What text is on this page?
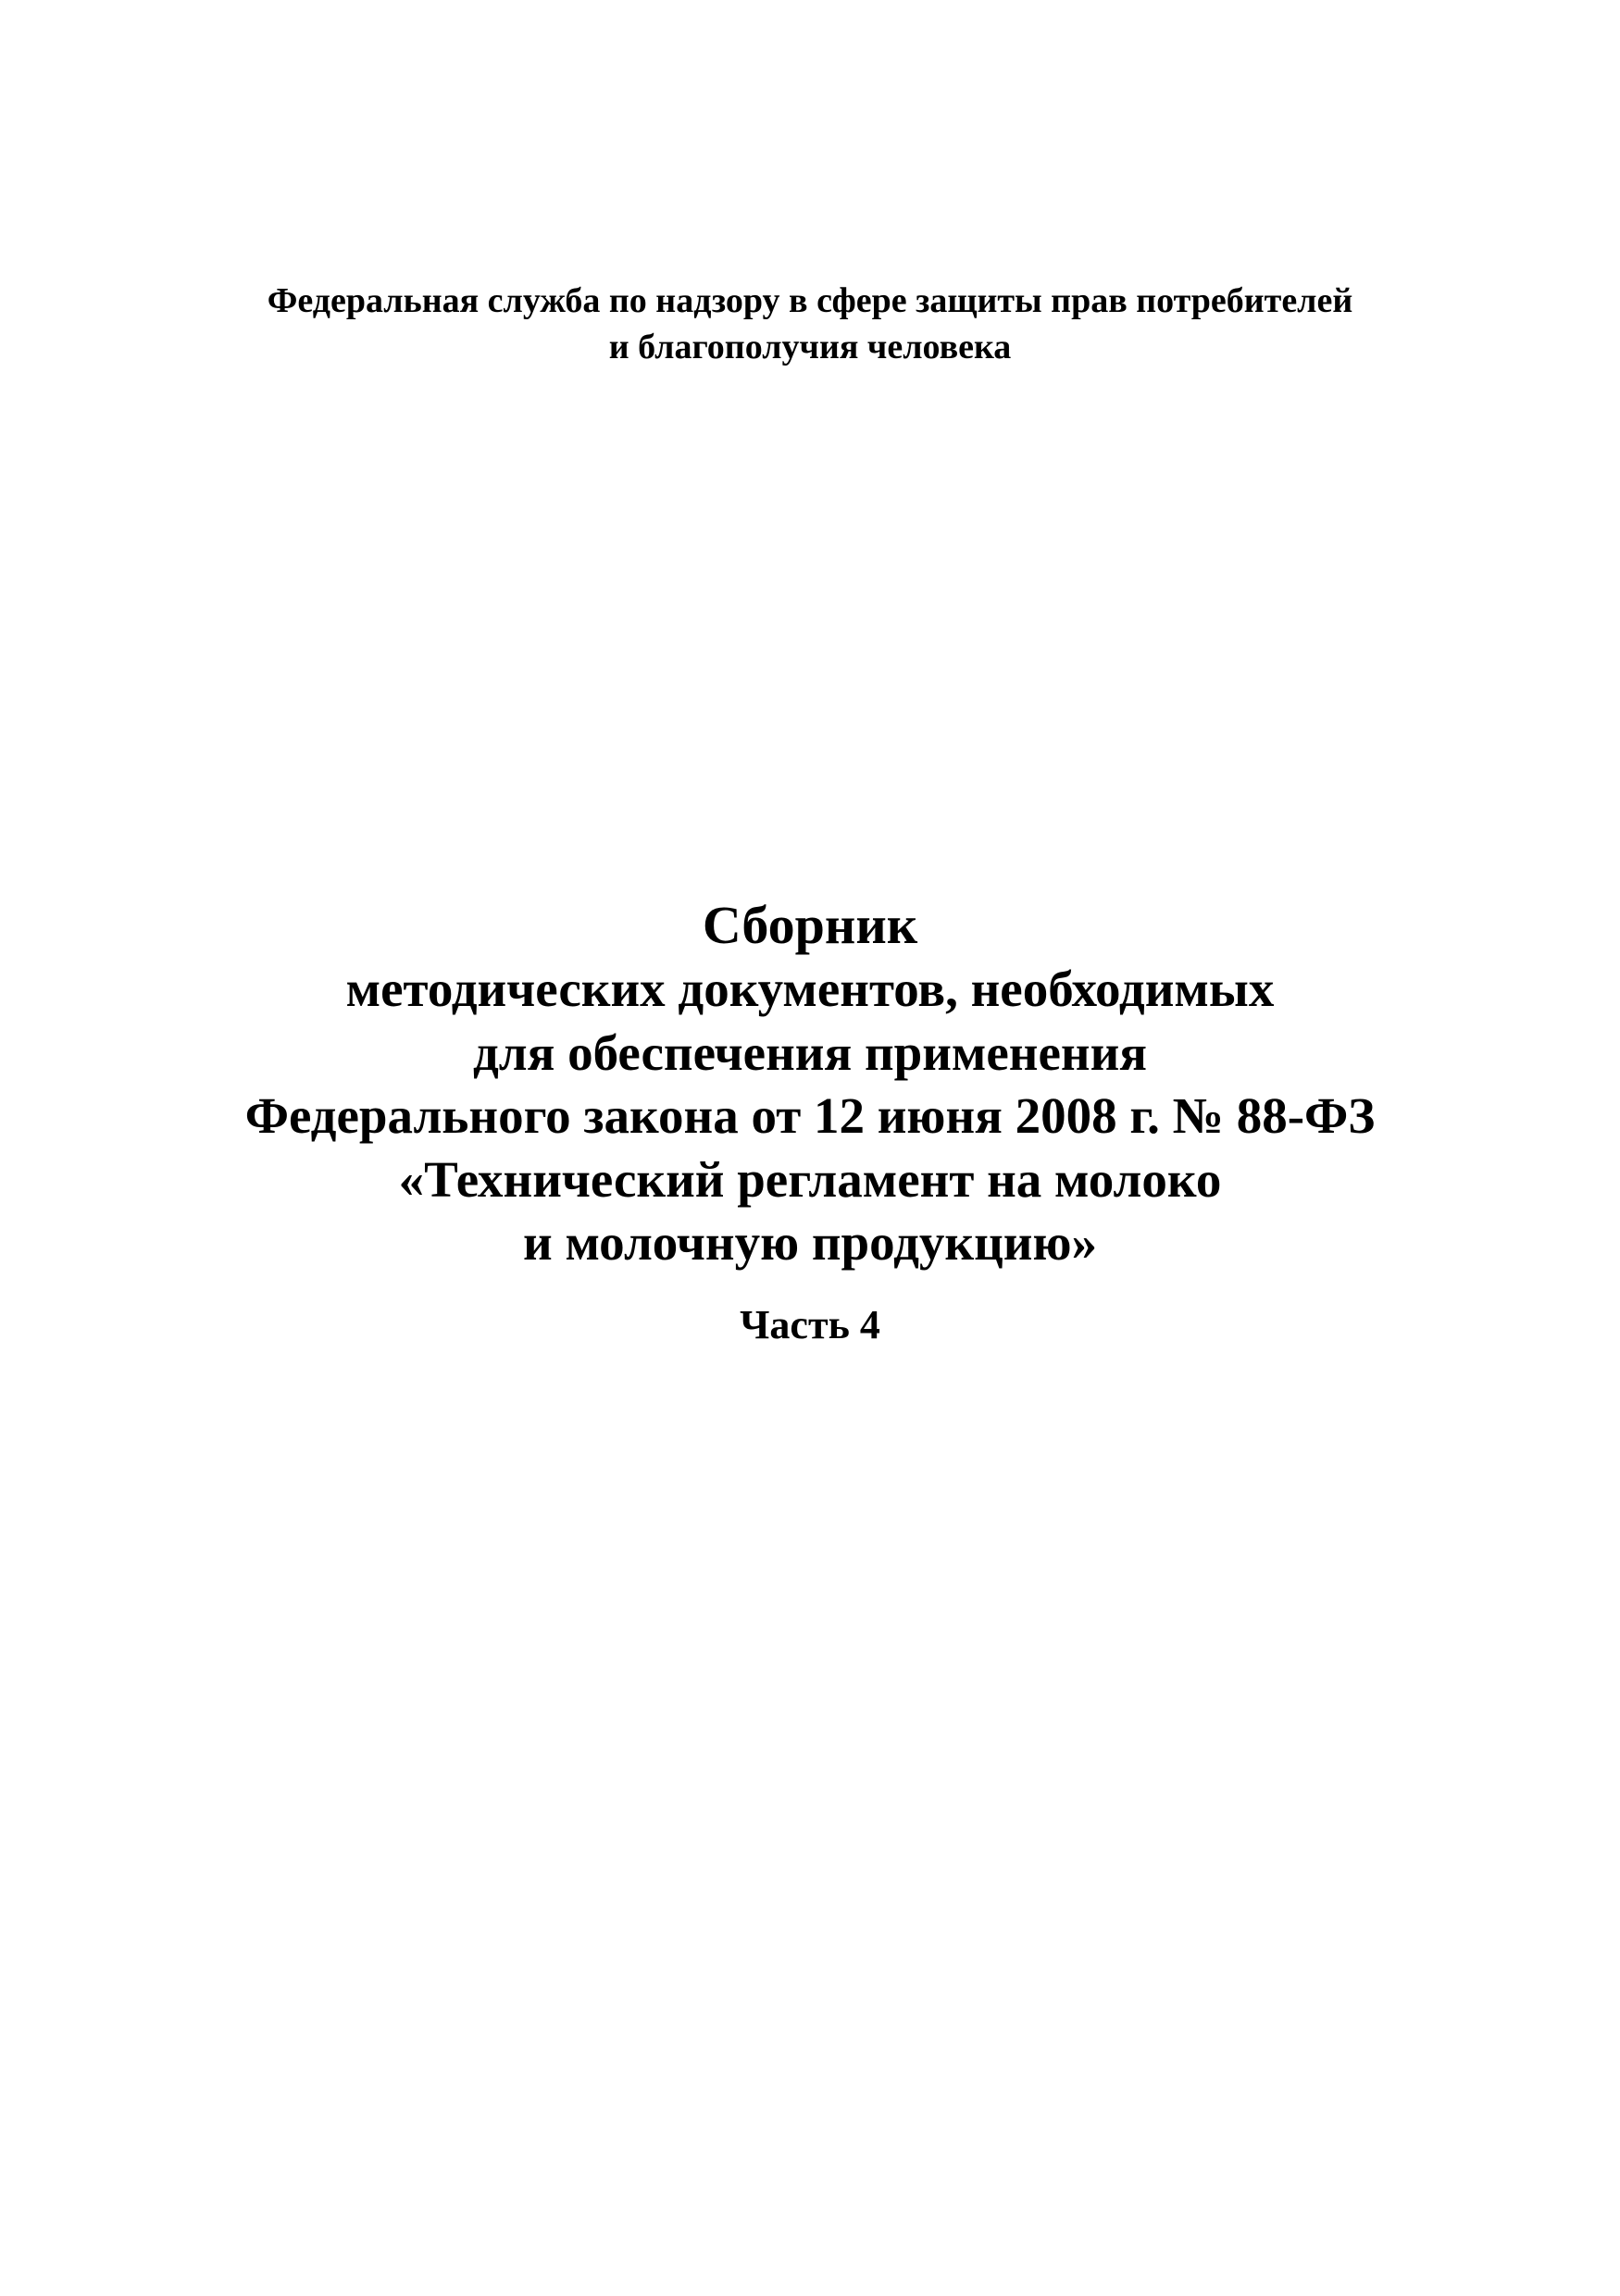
Федеральная служба по надзору в сфере защиты прав потребителей
и благополучия человека
Сборник
методических документов, необходимых
для обеспечения применения
Федерального закона от 12 июня 2008 г. № 88-ФЗ
«Технический регламент на молоко
и молочную продукцию»
Часть 4
